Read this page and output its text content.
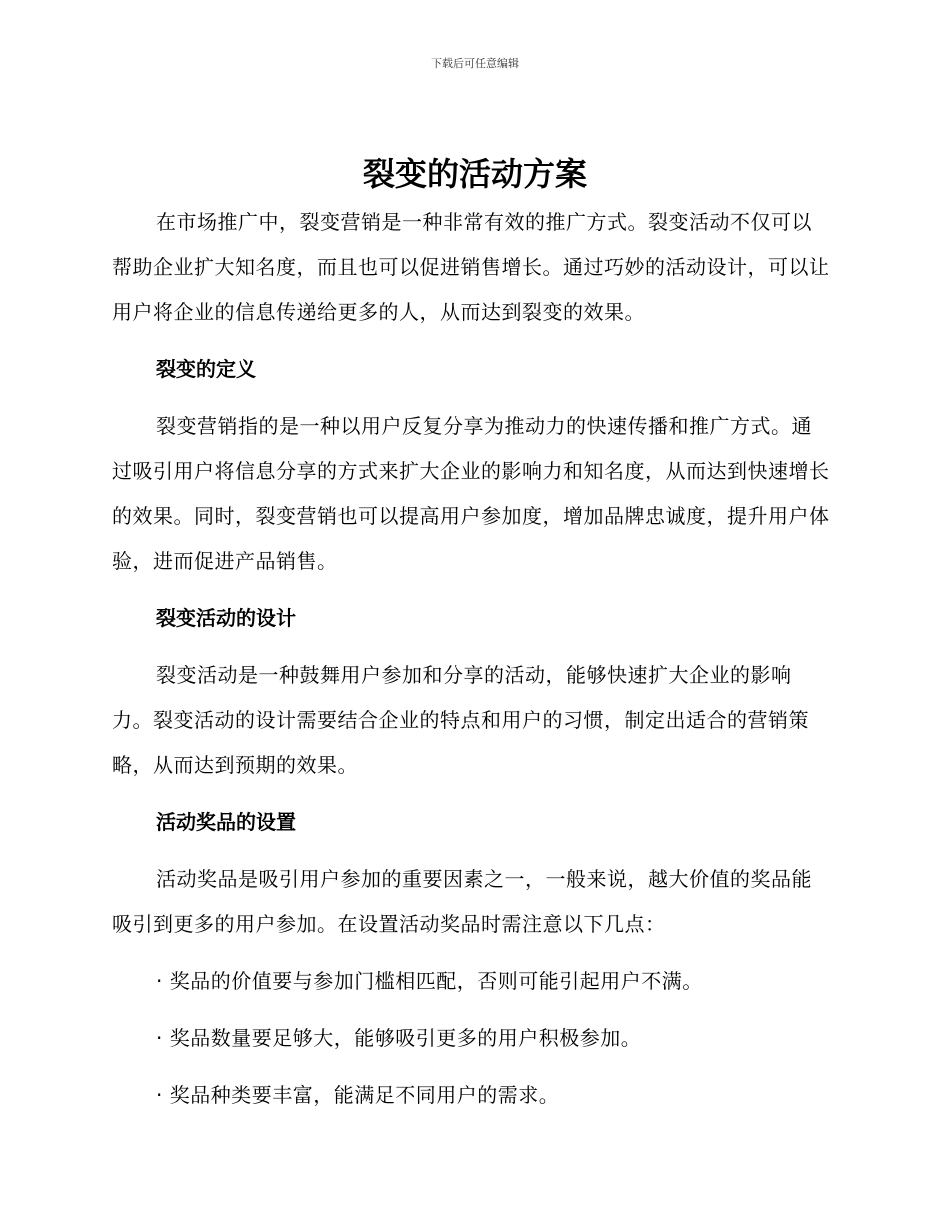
下载后可任意编辑
裂变的活动方案

在市场推广中，裂变营销是一种非常有效的推广方式。裂变活动不仅可以帮助企业扩大知名度，而且也可以促进销售增长。通过巧妙的活动设计，可以让用户将企业的信息传递给更多的人，从而达到裂变的效果。

裂变的定义

裂变营销指的是一种以用户反复分享为推动力的快速传播和推广方式。通过吸引用户将信息分享的方式来扩大企业的影响力和知名度，从而达到快速增长的效果。同时，裂变营销也可以提高用户参加度，增加品牌忠诚度，提升用户体验，进而促进产品销售。

裂变活动的设计

裂变活动是一种鼓舞用户参加和分享的活动，能够快速扩大企业的影响力。裂变活动的设计需要结合企业的特点和用户的习惯，制定出适合的营销策略，从而达到预期的效果。

活动奖品的设置

活动奖品是吸引用户参加的重要因素之一，一般来说，越大价值的奖品能吸引到更多的用户参加。在设置活动奖品时需注意以下几点：

· 奖品的价值要与参加门槛相匹配，否则可能引起用户不满。

· 奖品数量要足够大，能够吸引更多的用户积极参加。

· 奖品种类要丰富，能满足不同用户的需求。
